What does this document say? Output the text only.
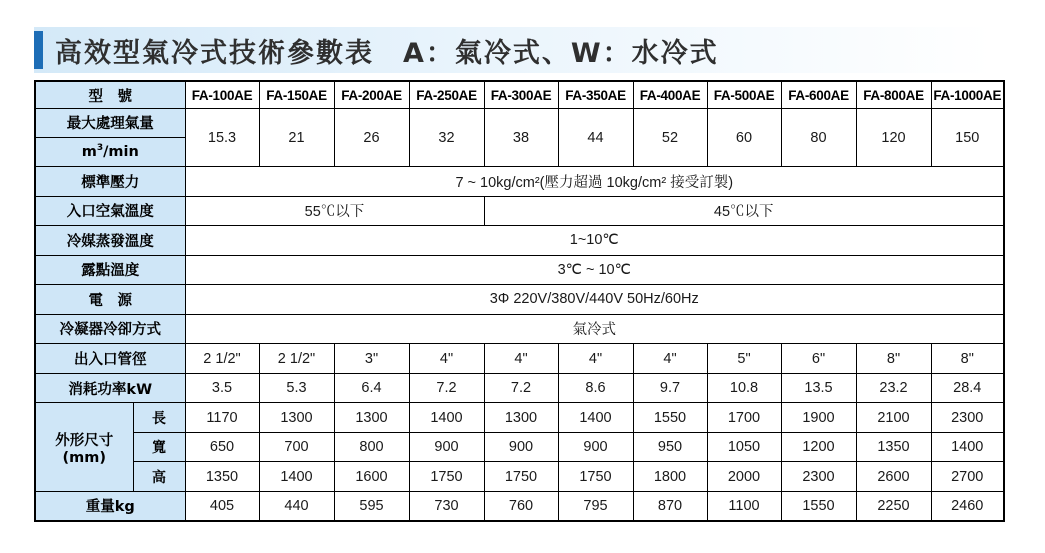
高效型氣冷式技術參數表　A：氣冷式、W：水冷式
型　號		FA-100AE	FA-150AE	FA-200AE	FA-250AE	FA-300AE	FA-350AE	FA-400AE	FA-500AE	FA-600AE	FA-800AE	FA-1000AE
最大處理氣量		15.3	21	26	32	38	44	52	60	80	120	150
$m^3/\min$												
標準壓力		7 ~ 10kg/cm²(壓力超過 10kg/cm² 接受訂製)										
入口空氣溫度		55℃以下				45℃以下						
冷媒蒸發溫度		1~10℃										
露點溫度		3℃ ~ 10℃										
電　源		3Φ 220V/380V/440V 50Hz/60Hz										
冷凝器冷卻方式		氣冷式										
出入口管徑		2 1/2"	2 1/2"	3"	4"	4"	4"	4"	5"	6"	8"	8"
消耗功率kW		3.5	5.3	6.4	7.2	7.2	8.6	9.7	10.8	13.5	23.2	28.4
外形尺寸
(mm)	長	1170	1300	1300	1400	1300	1400	1550	1700	1900	2100	2300
	寬	650	700	800	900	900	900	950	1050	1200	1350	1400
	高	1350	1400	1600	1750	1750	1750	1800	2000	2300	2600	2700
重量kg		405	440	595	730	760	795	870	1100	1550	2250	2460
